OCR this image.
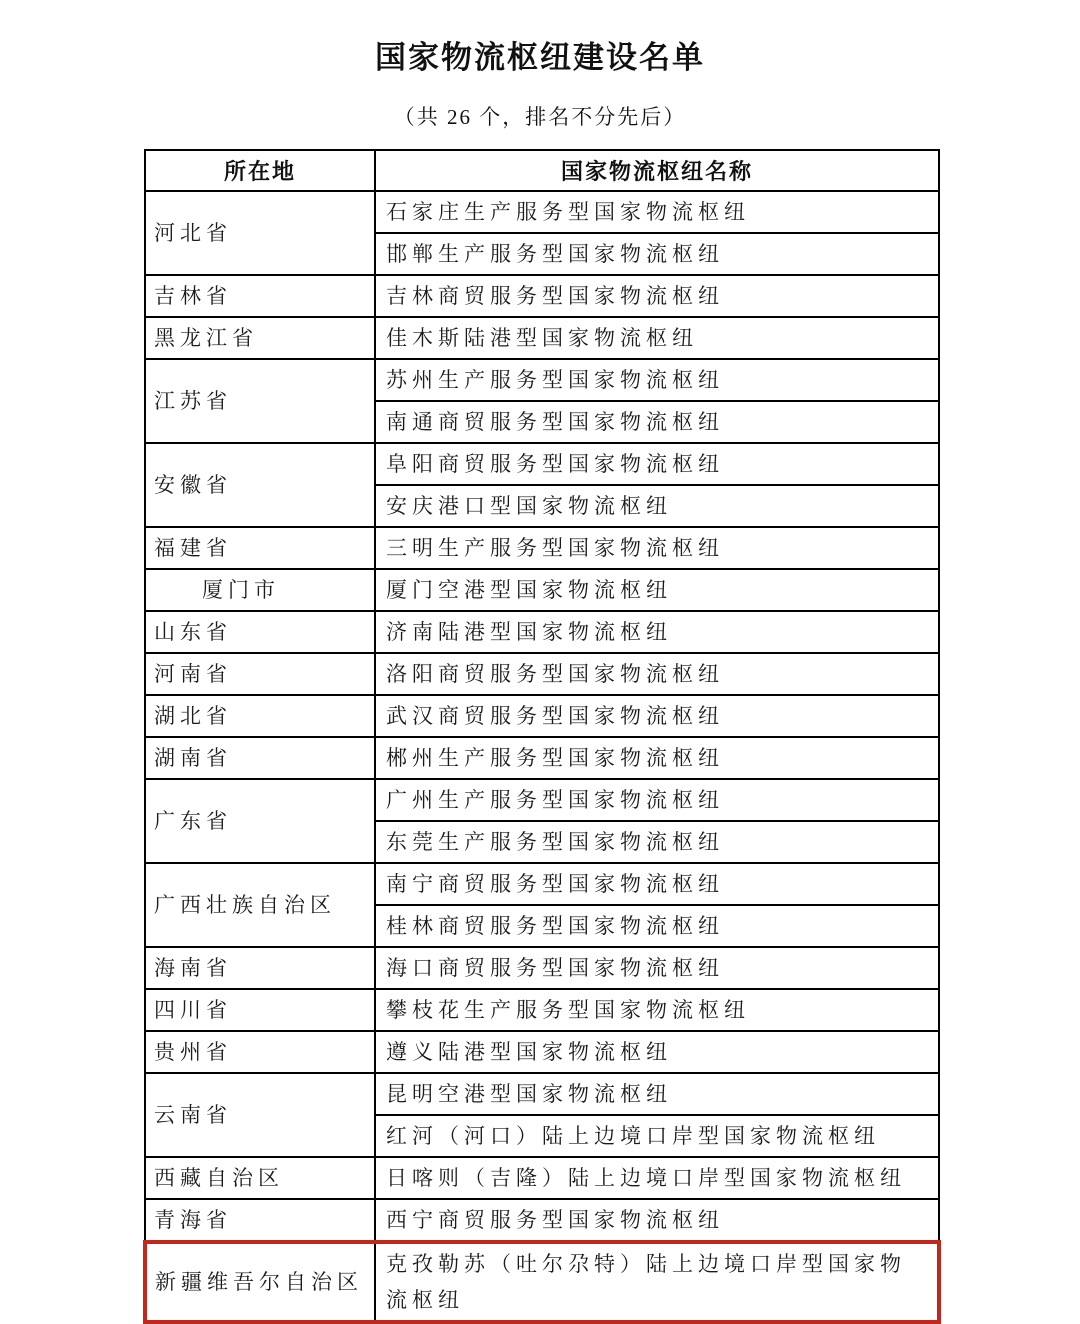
国家物流枢纽建设名单
（共 26 个，排名不分先后）
所在地	国家物流枢纽名称
河北省	石家庄生产服务型国家物流枢纽
	邯郸生产服务型国家物流枢纽
吉林省	吉林商贸服务型国家物流枢纽
黑龙江省	佳木斯陆港型国家物流枢纽
江苏省	苏州生产服务型国家物流枢纽
	南通商贸服务型国家物流枢纽
安徽省	阜阳商贸服务型国家物流枢纽
	安庆港口型国家物流枢纽
福建省	三明生产服务型国家物流枢纽
厦门市	厦门空港型国家物流枢纽
山东省	济南陆港型国家物流枢纽
河南省	洛阳商贸服务型国家物流枢纽
湖北省	武汉商贸服务型国家物流枢纽
湖南省	郴州生产服务型国家物流枢纽
广东省	广州生产服务型国家物流枢纽
	东莞生产服务型国家物流枢纽
广西壮族自治区	南宁商贸服务型国家物流枢纽
	桂林商贸服务型国家物流枢纽
海南省	海口商贸服务型国家物流枢纽
四川省	攀枝花生产服务型国家物流枢纽
贵州省	遵义陆港型国家物流枢纽
云南省	昆明空港型国家物流枢纽
	红河（河口）陆上边境口岸型国家物流枢纽
西藏自治区	日喀则（吉隆）陆上边境口岸型国家物流枢纽
青海省	西宁商贸服务型国家物流枢纽
新疆维吾尔自治区	克孜勒苏（吐尔尕特）陆上边境口岸型国家物流枢纽
